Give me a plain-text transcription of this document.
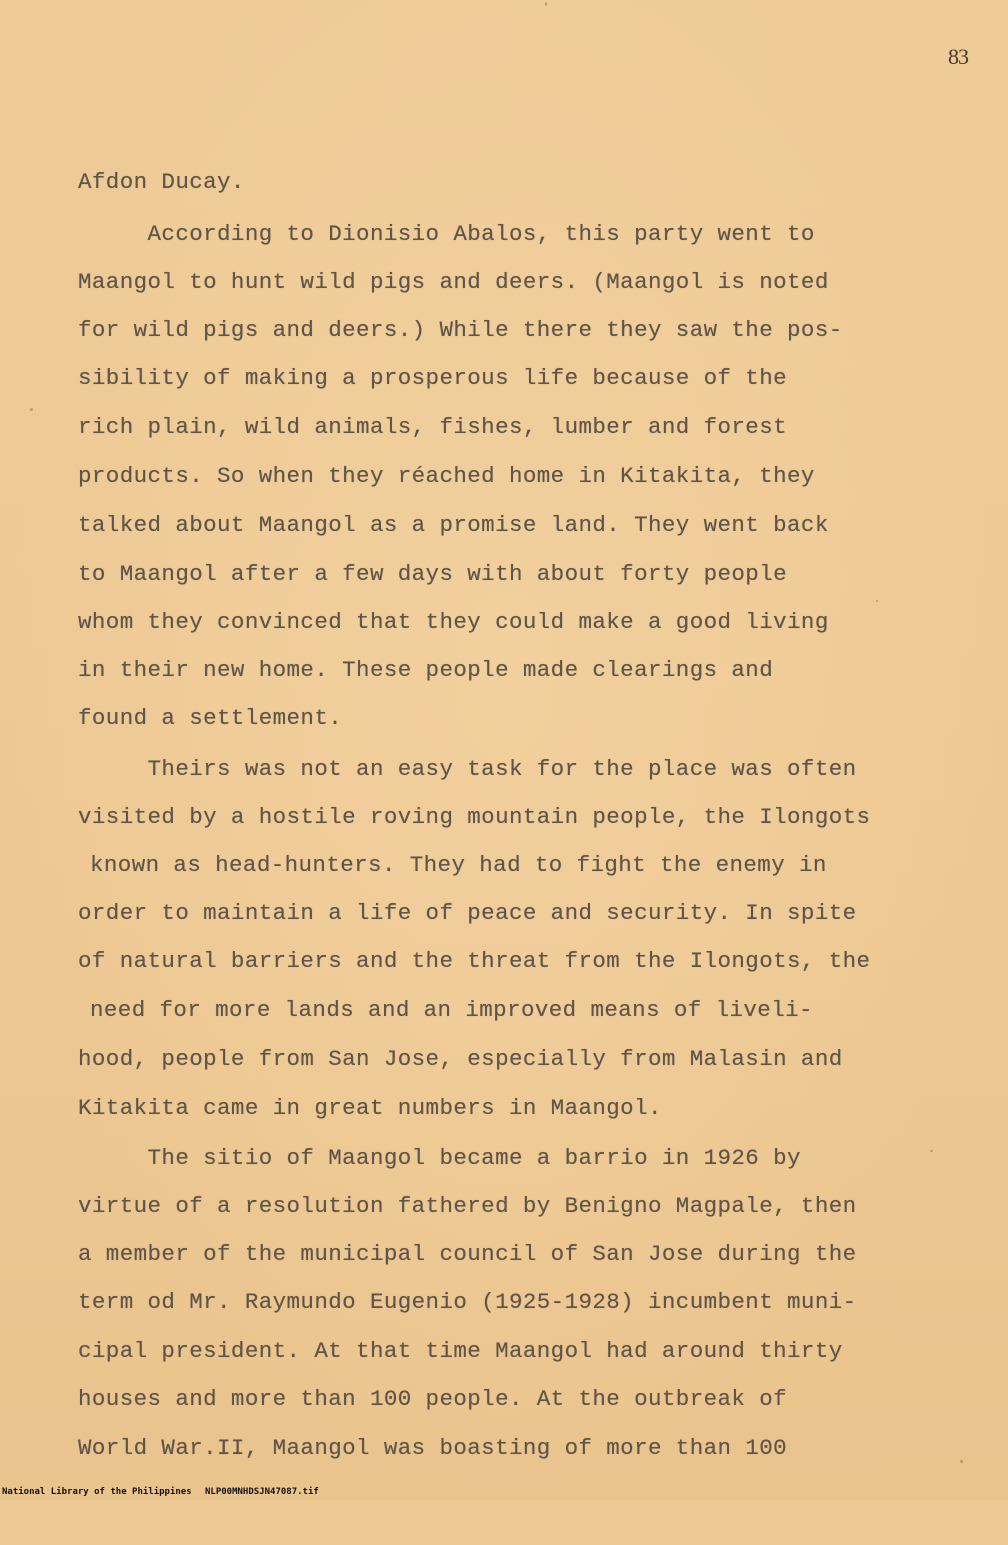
83
Afdon Ducay.
According to Dionisio Abalos, this party went to
Maangol to hunt wild pigs and deers. (Maangol is noted
for wild pigs and deers.) While there they saw the pos-
sibility of making a prosperous life because of the
rich plain, wild animals, fishes, lumber and forest
products. So when they réached home in Kitakita, they
talked about Maangol as a promise land. They went back
to Maangol after a few days with about forty people
whom they convinced that they could make a good living
in their new home. These people made clearings and
found a settlement.
Theirs was not an easy task for the place was often
visited by a hostile roving mountain people, the Ilongots
known as head-hunters. They had to fight the enemy in
order to maintain a life of peace and security. In spite
of natural barriers and the threat from the Ilongots, the
need for more lands and an improved means of liveli-
hood, people from San Jose, especially from Malasin and
Kitakita came in great numbers in Maangol.
The sitio of Maangol became a barrio in 1926 by
virtue of a resolution fathered by Benigno Magpale, then
a member of the municipal council of San Jose during the
term od Mr. Raymundo Eugenio (1925-1928) incumbent muni-
cipal president. At that time Maangol had around thirty
houses and more than 100 people. At the outbreak of
World War.II, Maangol was boasting of more than 100

National Library of the Philippines

NLP00MNHDSJN47087.tif
